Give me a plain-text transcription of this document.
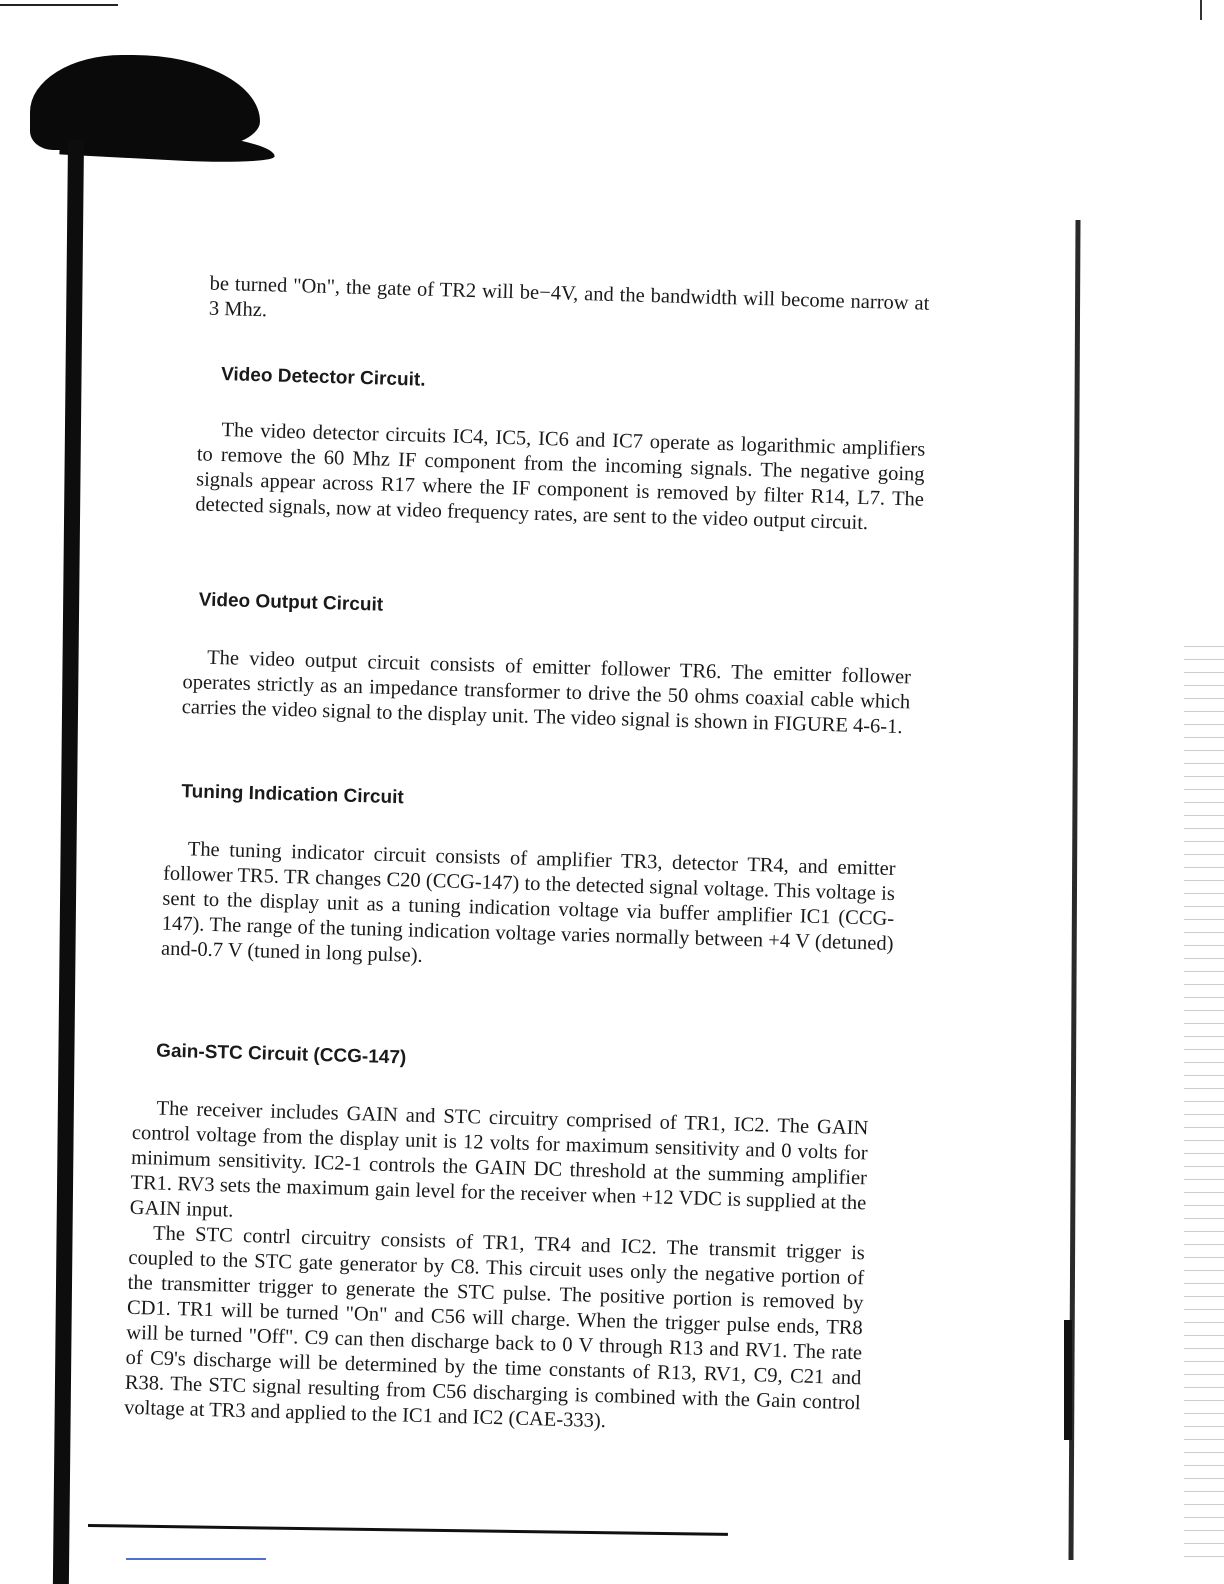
be turned "On", the gate of TR2 will be−4V, and the bandwidth will become narrow at 3 Mhz.

Video Detector Circuit.

The video detector circuits IC4, IC5, IC6 and IC7 operate as logarithmic amplifiers to remove the 60 Mhz IF component from the incoming signals. The negative going signals appear across R17 where the IF component is removed by filter R14, L7. The detected signals, now at video frequency rates, are sent to the video output circuit.

Video Output Circuit

The video output circuit consists of emitter follower TR6. The emitter follower operates strictly as an impedance transformer to drive the 50 ohms coaxial cable which carries the video signal to the display unit. The video signal is shown in FIGURE 4-6-1.

Tuning Indication Circuit

The tuning indicator circuit consists of amplifier TR3, detector TR4, and emitter follower TR5. TR changes C20 (CCG-147) to the detected signal voltage. This voltage is sent to the display unit as a tuning indication voltage via buffer amplifier IC1 (CCG-147). The range of the tuning indication voltage varies normally between +4 V (detuned) and-0.7 V (tuned in long pulse).

Gain-STC Circuit (CCG-147)

The receiver includes GAIN and STC circuitry comprised of TR1, IC2. The GAIN control voltage from the display unit is 12 volts for maximum sensitivity and 0 volts for minimum sensitivity. IC2-1 controls the GAIN DC threshold at the summing amplifier TR1. RV3 sets the maximum gain level for the receiver when +12 VDC is supplied at the GAIN input.

The STC contrl circuitry consists of TR1, TR4 and IC2. The transmit trigger is coupled to the STC gate generator by C8. This circuit uses only the negative portion of the transmitter trigger to generate the STC pulse. The positive portion is removed by CD1. TR1 will be turned "On" and C56 will charge. When the trigger pulse ends, TR8 will be turned "Off". C9 can then discharge back to 0 V through R13 and RV1. The rate of C9's discharge will be determined by the time constants of R13, RV1, C9, C21 and R38. The STC signal resulting from C56 discharging is combined with the Gain control voltage at TR3 and applied to the IC1 and IC2 (CAE-333).
